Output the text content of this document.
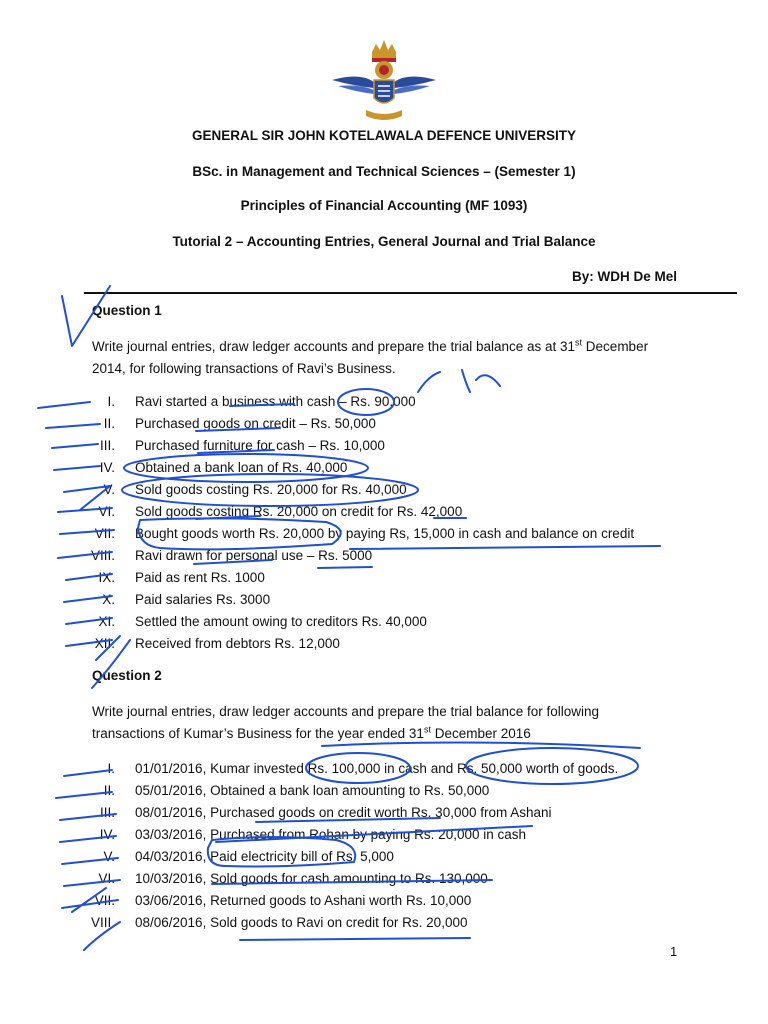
GENERAL SIR JOHN KOTELAWALA DEFENCE UNIVERSITY
BSc. in Management and Technical Sciences – (Semester 1)
Principles of Financial Accounting (MF 1093)
Tutorial 2 – Accounting Entries, General Journal and Trial Balance
By: WDH De Mel
Question 1
Write journal entries, draw ledger accounts and prepare the trial balance as at 31st December
2014, for following transactions of Ravi’s Business.
I. Ravi started a business with cash – Rs. 90,000
II. Purchased goods on credit – Rs. 50,000
III. Purchased furniture for cash – Rs. 10,000
IV. Obtained a bank loan of Rs. 40,000
V. Sold goods costing Rs. 20,000 for Rs. 40,000
VI. Sold goods costing Rs. 20,000 on credit for Rs. 42,000
VII. Bought goods worth Rs. 20,000 by paying Rs, 15,000 in cash and balance on credit
VIII. Ravi drawn for personal use – Rs. 5000
IX. Paid as rent Rs. 1000
X. Paid salaries Rs. 3000
XI. Settled the amount owing to creditors Rs. 40,000
XII. Received from debtors Rs. 12,000
Question 2
Write journal entries, draw ledger accounts and prepare the trial balance for following
transactions of Kumar’s Business for the year ended 31st December 2016
I. 01/01/2016, Kumar invested Rs. 100,000 in cash and Rs. 50,000 worth of goods.
II. 05/01/2016, Obtained a bank loan amounting to Rs. 50,000
III. 08/01/2016, Purchased goods on credit worth Rs. 30,000 from Ashani
IV. 03/03/2016, Purchased from Rohan by paying Rs. 20,000 in cash
V. 04/03/2016, Paid electricity bill of Rs. 5,000
VI. 10/03/2016, Sold goods for cash amounting to Rs. 130,000
VII. 03/06/2016, Returned goods to Ashani worth Rs. 10,000
VIII. 08/06/2016, Sold goods to Ravi on credit for Rs. 20,000
1
